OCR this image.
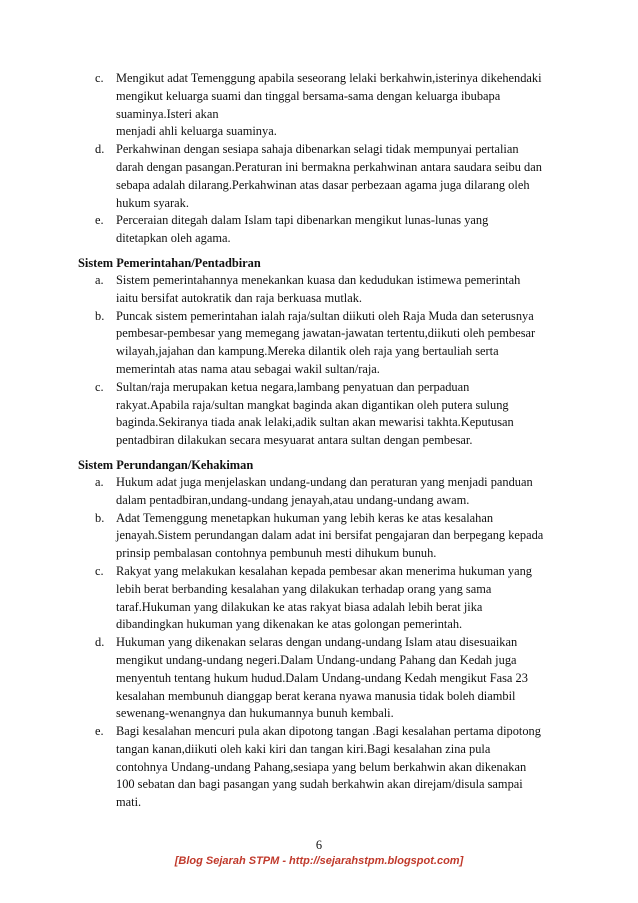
c. Mengikut adat Temenggung apabila seseorang lelaki berkahwin,isterinya dikehendaki
mengikut keluarga suami dan tinggal bersama-sama dengan keluarga ibubapa
suaminya.Isteri akan
menjadi ahli keluarga suaminya.
d. Perkahwinan dengan sesiapa sahaja dibenarkan selagi tidak mempunyai pertalian
darah dengan pasangan.Peraturan ini bermakna perkahwinan antara saudara seibu dan
sebapa adalah dilarang.Perkahwinan atas dasar perbezaan agama juga dilarang oleh
hukum syarak.
e. Perceraian ditegah dalam Islam tapi dibenarkan mengikut lunas-lunas yang
ditetapkan oleh agama.
Sistem Pemerintahan/Pentadbiran
a. Sistem pemerintahannya menekankan kuasa dan kedudukan istimewa pemerintah
iaitu bersifat autokratik dan raja berkuasa mutlak.
b. Puncak sistem pemerintahan ialah raja/sultan diikuti oleh Raja Muda dan seterusnya
pembesar-pembesar yang memegang jawatan-jawatan tertentu,diikuti oleh pembesar
wilayah,jajahan dan kampung.Mereka dilantik oleh raja yang bertauliah serta
memerintah atas nama atau sebagai wakil sultan/raja.
c. Sultan/raja merupakan ketua negara,lambang penyatuan dan perpaduan
rakyat.Apabila raja/sultan mangkat baginda akan digantikan oleh putera sulung
baginda.Sekiranya tiada anak lelaki,adik sultan akan mewarisi takhta.Keputusan
pentadbiran dilakukan secara mesyuarat antara sultan dengan pembesar.
Sistem Perundangan/Kehakiman
a. Hukum adat juga menjelaskan undang-undang dan peraturan yang menjadi panduan
dalam pentadbiran,undang-undang jenayah,atau undang-undang awam.
b. Adat Temenggung menetapkan hukuman yang lebih keras ke atas kesalahan
jenayah.Sistem perundangan dalam adat ini bersifat pengajaran dan berpegang kepada
prinsip pembalasan contohnya pembunuh mesti dihukum bunuh.
c. Rakyat yang melakukan kesalahan kepada pembesar akan menerima hukuman yang
lebih berat berbanding kesalahan yang dilakukan terhadap orang yang sama
taraf.Hukuman yang dilakukan ke atas rakyat biasa adalah lebih berat jika
dibandingkan hukuman yang dikenakan ke atas golongan pemerintah.
d. Hukuman yang dikenakan selaras dengan undang-undang Islam atau disesuaikan
mengikut undang-undang negeri.Dalam Undang-undang Pahang dan Kedah juga
menyentuh tentang hukum hudud.Dalam Undang-undang Kedah mengikut Fasa 23
kesalahan membunuh dianggap berat kerana nyawa manusia tidak boleh diambil
sewenang-wenangnya dan hukumannya bunuh kembali.
e. Bagi kesalahan mencuri pula akan dipotong tangan .Bagi kesalahan pertama dipotong
tangan kanan,diikuti oleh kaki kiri dan tangan kiri.Bagi kesalahan zina pula
contohnya Undang-undang Pahang,sesiapa yang belum berkahwin akan dikenakan
100 sebatan dan bagi pasangan yang sudah berkahwin akan direjam/disula sampai
mati.
6
[Blog Sejarah STPM - http://sejarahstpm.blogspot.com]
